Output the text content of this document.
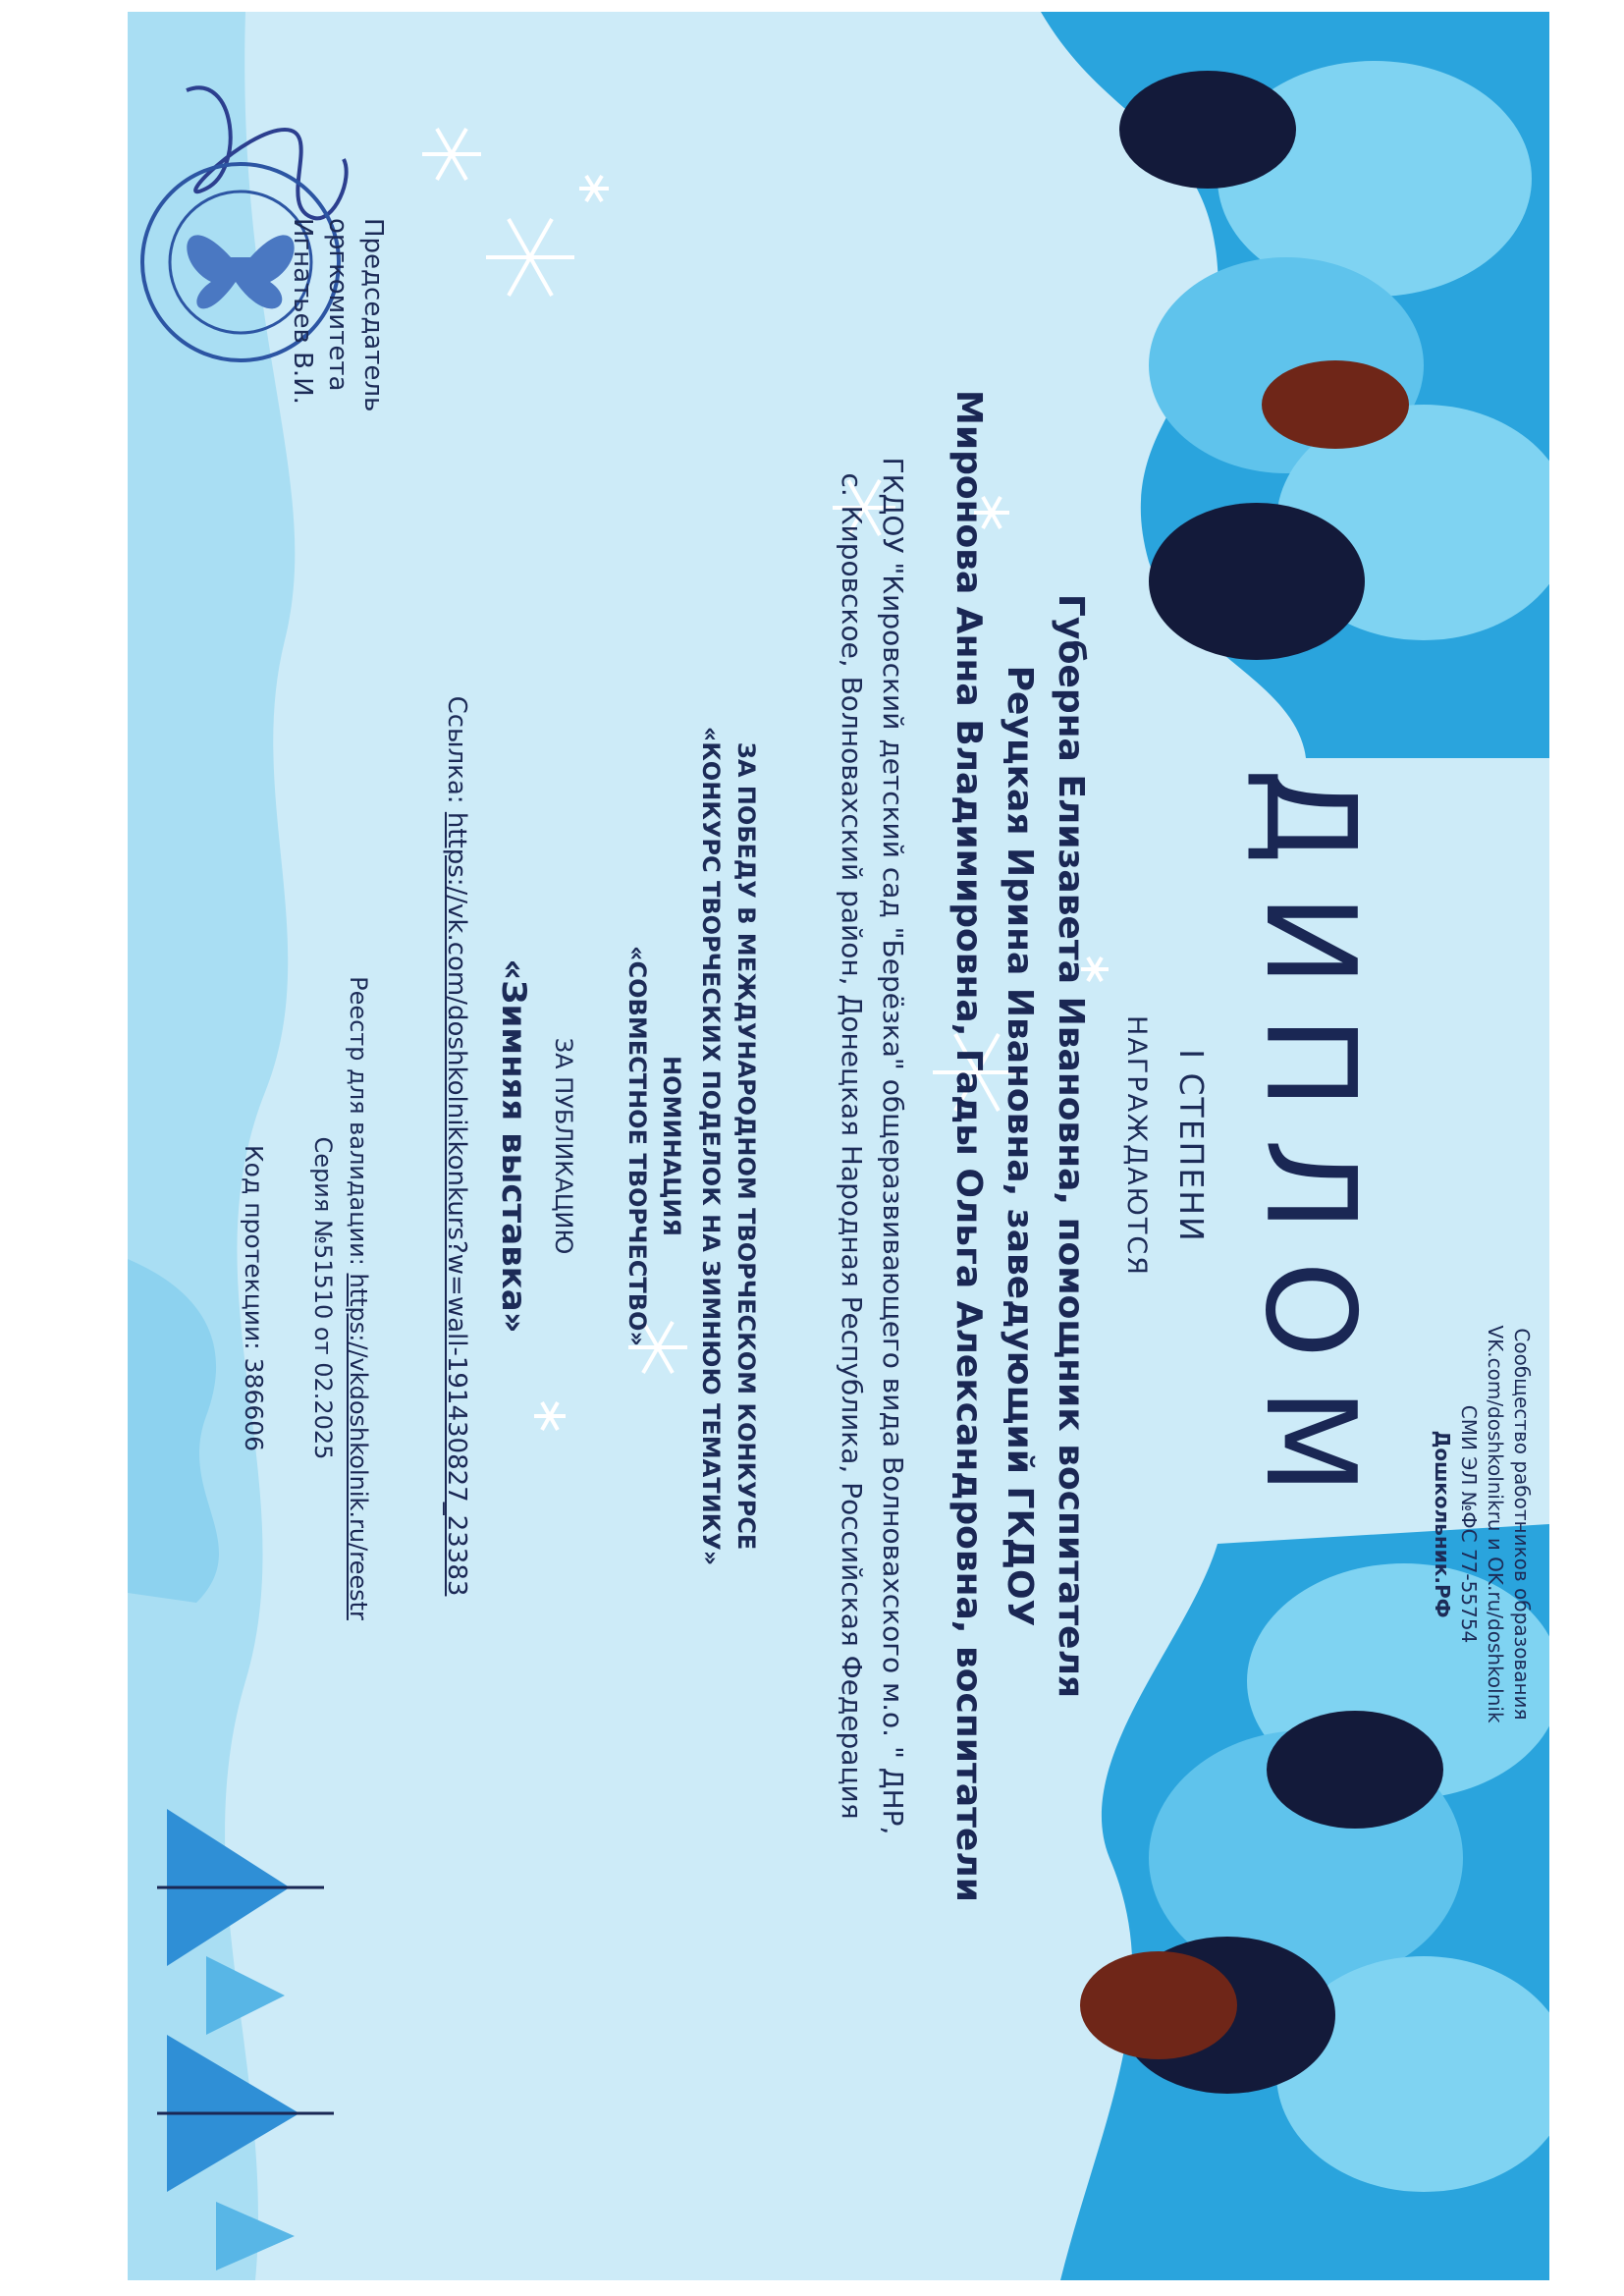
Сообщество работников образования
VK.com/doshkolnikru и OK.ru/doshkolnik
СМИ ЭЛ №ФС 77-55754
Дошкольник.РФ
ДИПЛОМ
I СТЕПЕНИ
НАГРАЖДАЮТСЯ
Губерна Елизавета Ивановна, помощник воспитателя
Реуцкая Ирина Ивановна, заведующий ГКДОУ
Миронова Анна Владимировна, Гады Ольга Александровна, воспитатели
ГКДОУ "Кировский детский сад "Берёзка" общеразвивающего вида Волновахского м.о. " ДНР,
с. Кировское, Волновахский район, Донецкая Народная Республика, Российская Федерация
ЗА ПОБЕДУ В МЕЖДУНАРОДНОМ ТВОРЧЕСКОМ КОНКУРСЕ
«КОНКУРС ТВОРЧЕСКИХ ПОДЕЛОК НА ЗИМНЮЮ ТЕМАТИКУ»
НОМИНАЦИЯ
«СОВМЕСТНОЕ ТВОРЧЕСТВО»
ЗА ПУБЛИКАЦИЮ
«Зимняя выставка»
Ссылка: https://vk.com/doshkolnikkonkurs?w=wall-191430827_23383
Председатель
оргкомитета
Игнатьев В.И.
Реестр для валидации: https://vkdoshkolnik.ru/reestr
Серия №51510 от 02.2025
Код протекции: 386606
